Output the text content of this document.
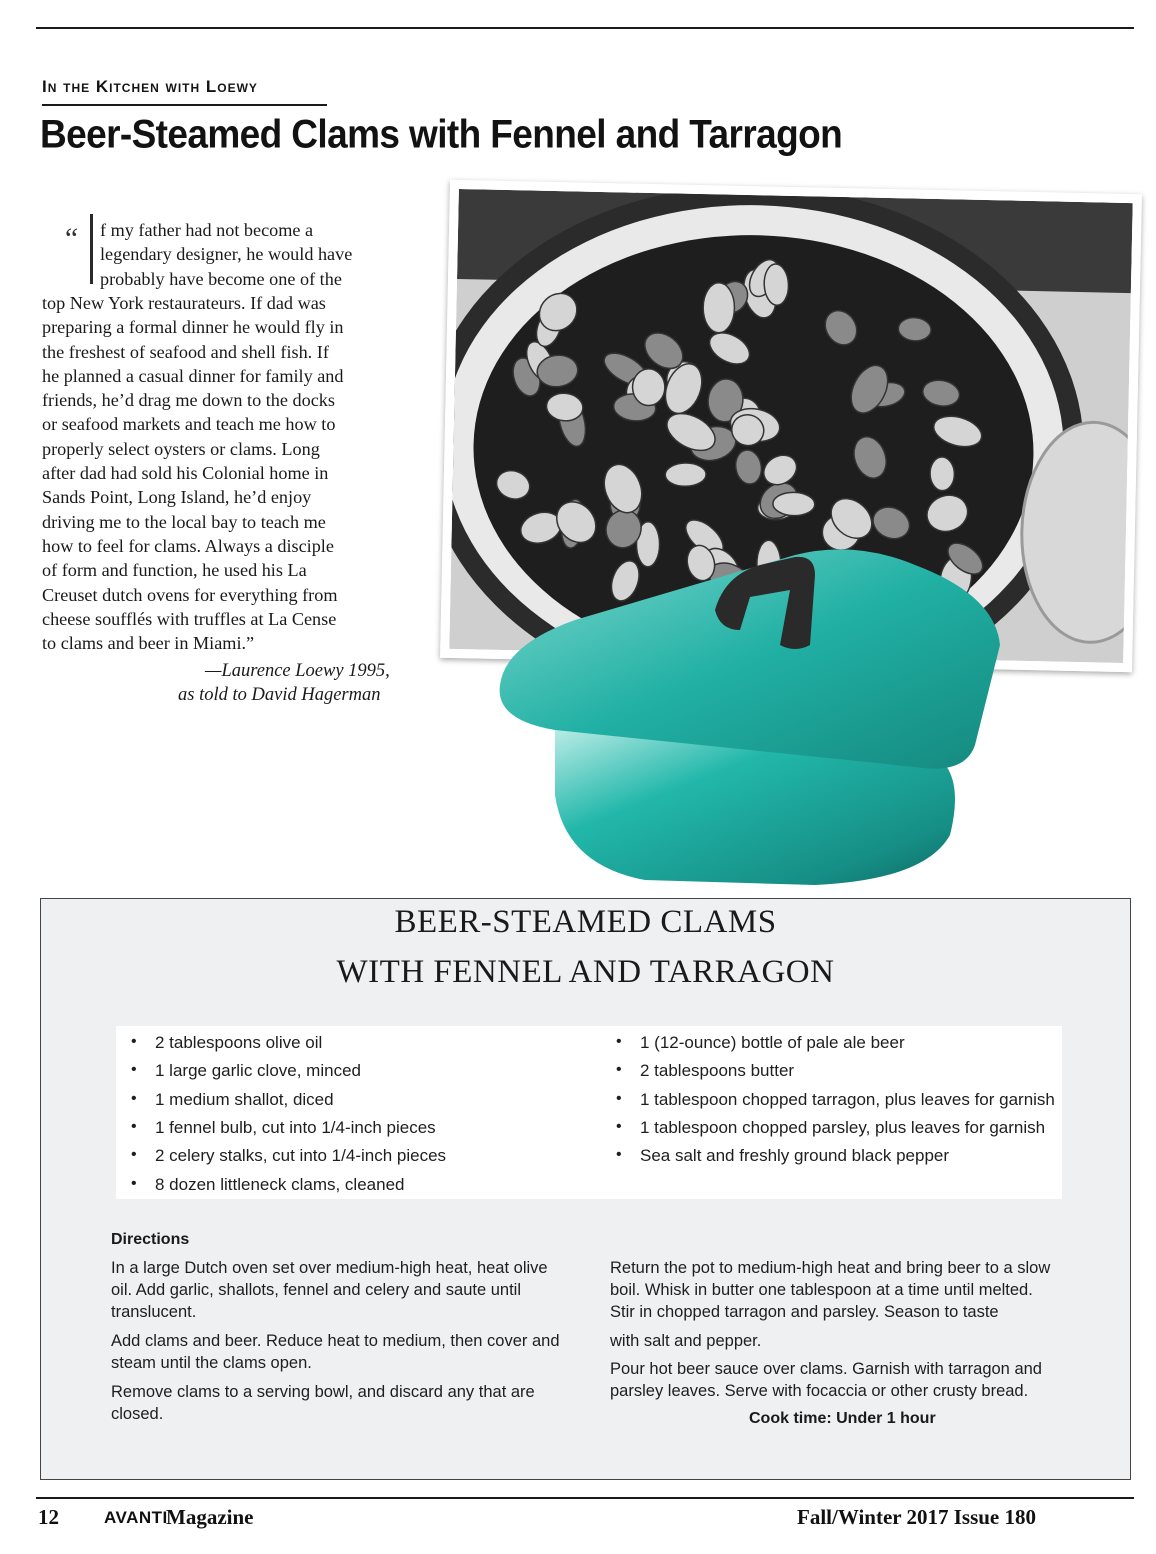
In the Kitchen with Loewy
Beer-Steamed Clams with Fennel and Tarragon
“ f my father had not become a
legendary designer, he would have
probably have become one of the
top New York restaurateurs. If dad was
preparing a formal dinner he would fly in
the freshest of seafood and shell fish. If
he planned a casual dinner for family and
friends, he’d drag me down to the docks
or seafood markets and teach me how to
properly select oysters or clams. Long
after dad had sold his Colonial home in
Sands Point, Long Island, he’d enjoy
driving me to the local bay to teach me
how to feel for clams. Always a disciple
of form and function, he used his La
Creuset dutch ovens for everything from
cheese soufflés with truffles at La Cense
to clams and beer in Miami.”
—Laurence Loewy 1995,
as told to David Hagerman
BEER-STEAMED CLAMS
WITH FENNEL AND TARRAGON
• 2 tablespoons olive oil
• 1 large garlic clove, minced
• 1 medium shallot, diced
• 1 fennel bulb, cut into 1/4-inch pieces
• 2 celery stalks, cut into 1/4-inch pieces
• 8 dozen littleneck clams, cleaned
• 1 (12-ounce) bottle of pale ale beer
• 2 tablespoons butter
• 1 tablespoon chopped tarragon, plus leaves for garnish
• 1 tablespoon chopped parsley, plus leaves for garnish
• Sea salt and freshly ground black pepper
Directions
In a large Dutch oven set over medium-high heat, heat olive
oil. Add garlic, shallots, fennel and celery and saute until
translucent.
Add clams and beer. Reduce heat to medium, then cover and
steam until the clams open.
Remove clams to a serving bowl, and discard any that are
closed.
Return the pot to medium-high heat and bring beer to a slow
boil. Whisk in butter one tablespoon at a time until melted.
Stir in chopped tarragon and parsley. Season to taste
with salt and pepper.
Pour hot beer sauce over clams. Garnish with tarragon and
parsley leaves. Serve with focaccia or other crusty bread.
Cook time: Under 1 hour
12	AVANTI
Magazine	Fall/Winter 2017 Issue 180
